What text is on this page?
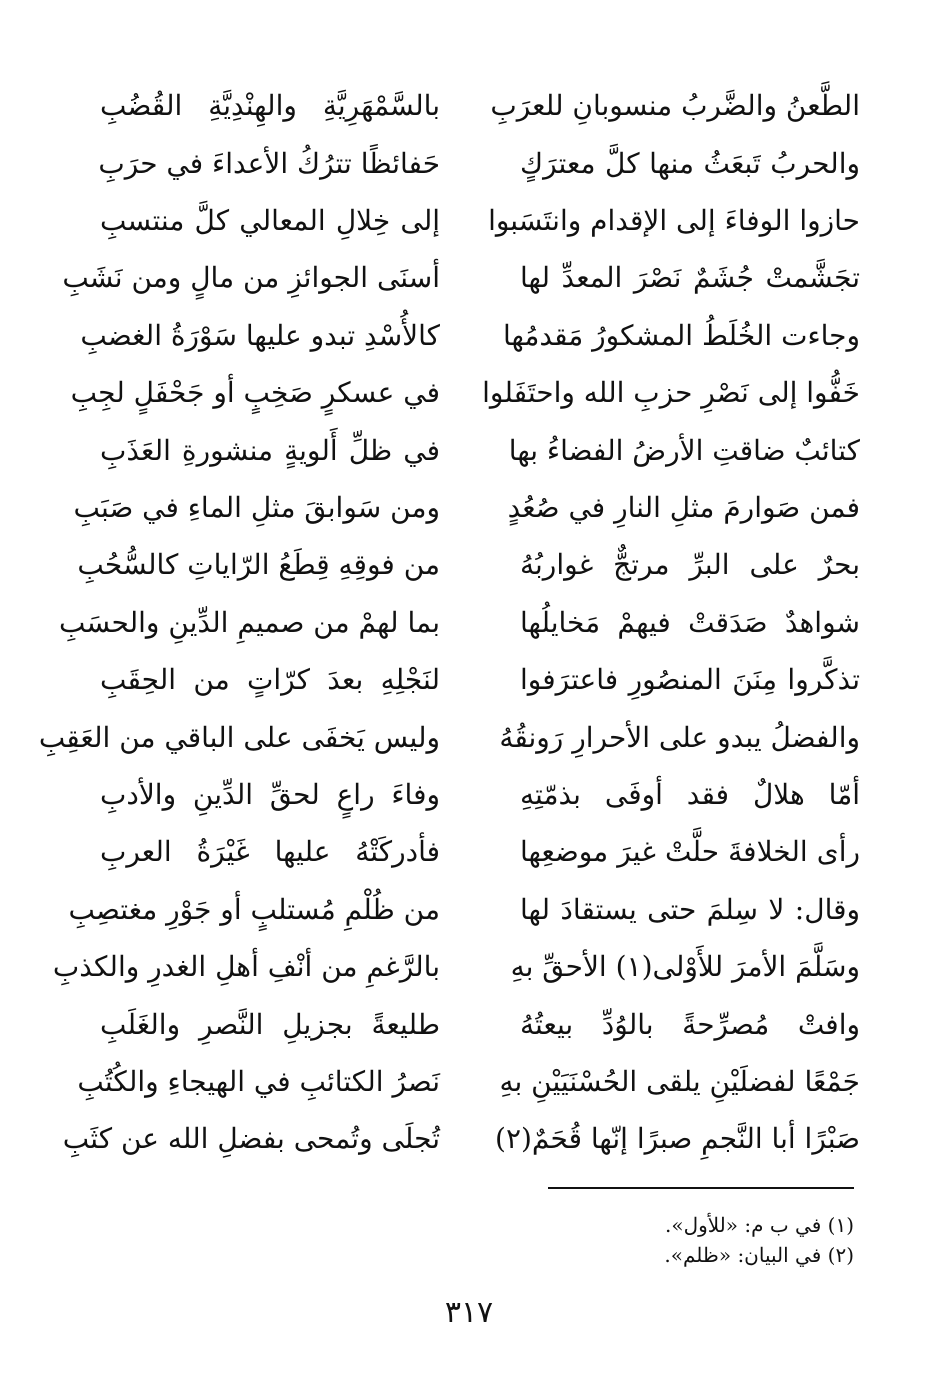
الطَّعنُ والضَّربُ منسوبانِ للعرَبِ
بالسَّمْهَرِيَّةِ والهِنْدِيَّةِ القُضُبِ
والحربُ تَبعَثُ منها كلَّ معترَكٍ
حَفائظًا تترُكُ الأعداءَ في حرَبِ
حازوا الوفاءَ إلى الإقدام وانتَسَبوا
إلى خِلالِ المعالي كلَّ منتسبِ
تجَشَّمتْ جُشَمٌ نَصْرَ المعدِّ لها
أسنَى الجوائزِ من مالٍ ومن نَشَبِ
وجاءت الخُلَطُ المشكورُ مَقدمُها
كالأُسْدِ تبدو عليها سَوْرَةُ الغضبِ
خَفُّوا إلى نَصْرِ حزبِ الله واحتَفَلوا
في عسكرٍ صَخِبٍ أو جَحْفَلٍ لجِبِ
كتائبٌ ضاقتِ الأرضُ الفضاءُ بها
في ظلِّ أَلويةٍ منشورةِ العَذَبِ
فمن صَوارمَ مثلِ النارِ في صُعُدٍ
ومن سَوابقَ مثلِ الماءِ في صَبَبِ
بحرٌ على البرِّ مرتجٌّ غواربُهُ
من فوقِهِ قِطَعُ الرّاياتِ كالسُّحُبِ
شواهدٌ صَدَقتْ فيهمْ مَخايلُها
بما لهمْ من صميمِ الدِّينِ والحسَبِ
تذكَّروا مِنَنَ المنصُورِ فاعترَفوا
لنَجْلِهِ بعدَ كرّاتٍ من الحِقَبِ
والفضلُ يبدو على الأحرارِ رَونقُهُ
وليس يَخفَى على الباقي من العَقِبِ
أمّا هلالٌ فقد أوفَى بذمّتِهِ
وفاءَ راعٍ لحقِّ الدِّينِ والأدبِ
رأى الخلافةَ حلَّتْ غيرَ موضعِها
فأدركَتْهُ عليها غَيْرَةُ العربِ
وقال: لا سِلمَ حتى يستقادَ لها
من ظُلْمِ مُستلبٍ أو جَوْرِ مغتصِبِ
وسَلَّمَ الأمرَ للأَوْلى(١) الأحقِّ بهِ
بالرَّغمِ من أنْفِ أهلِ الغدرِ والكذبِ
وافتْ مُصرِّحةً بالوُدِّ بيعتُهُ
طليعةً بجزيلِ النَّصرِ والغَلَبِ
جَمْعًا لفضلَيْنِ يلقى الحُسْنَيَيْنِ بهِ
نَصرُ الكتائبِ في الهيجاءِ والكُتُبِ
صَبْرًا أبا النَّجمِ صبرًا إنّها قُحَمٌ(٢)
تُجلَى وتُمحى بفضلِ الله عن كثَبِ
(١) في ب م: «للأول».
(٢) في البيان: «ظلم».
٣١٧
